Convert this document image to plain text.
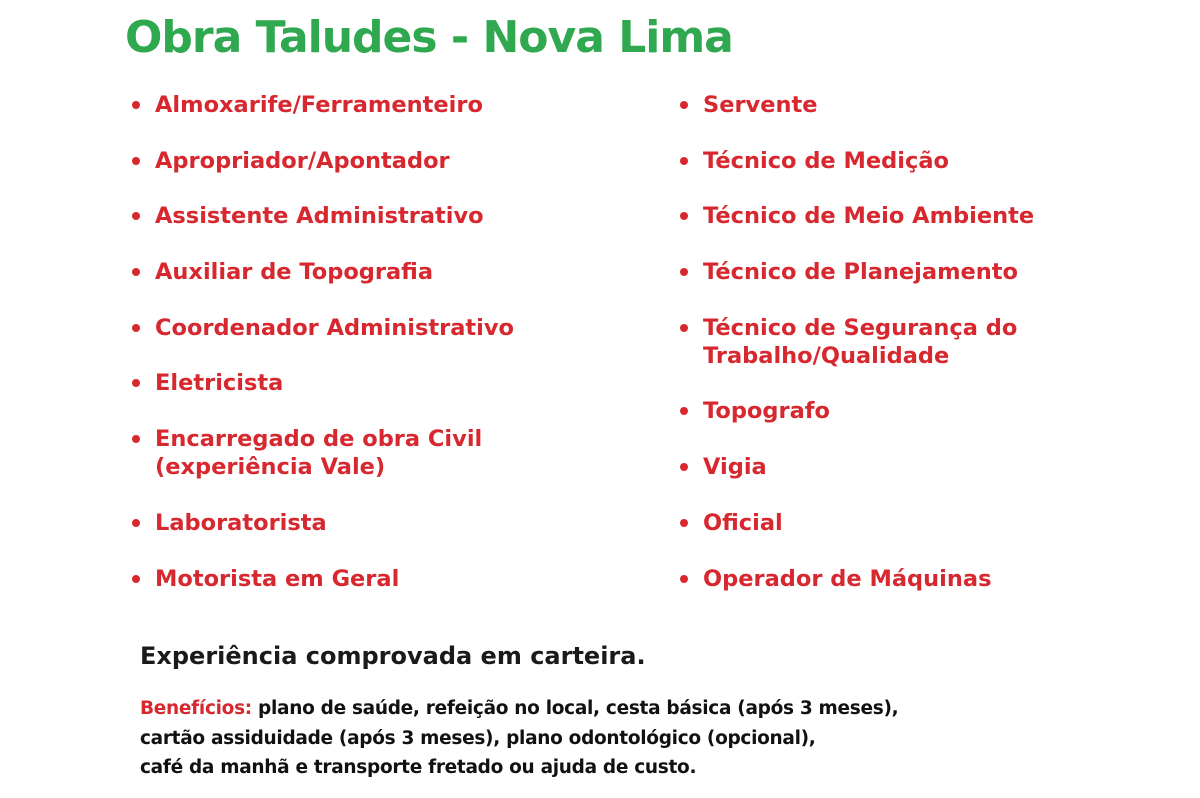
Obra Taludes - Nova Lima
Almoxarife/Ferramenteiro
Apropriador/Apontador
Assistente Administrativo
Auxiliar de Topografia
Coordenador Administrativo
Eletricista
Encarregado de obra Civil
(experiência Vale)
Laboratorista
Motorista em Geral
Servente
Técnico de Medição
Técnico de Meio Ambiente
Técnico de Planejamento
Técnico de Segurança do
Trabalho/Qualidade
Topografo
Vigia
Oficial
Operador de Máquinas

Experiência comprovada em carteira.

Benefícios: plano de saúde, refeição no local, cesta básica (após 3 meses),
cartão assiduidade (após 3 meses), plano odontológico (opcional),
café da manhã e transporte fretado ou ajuda de custo.
